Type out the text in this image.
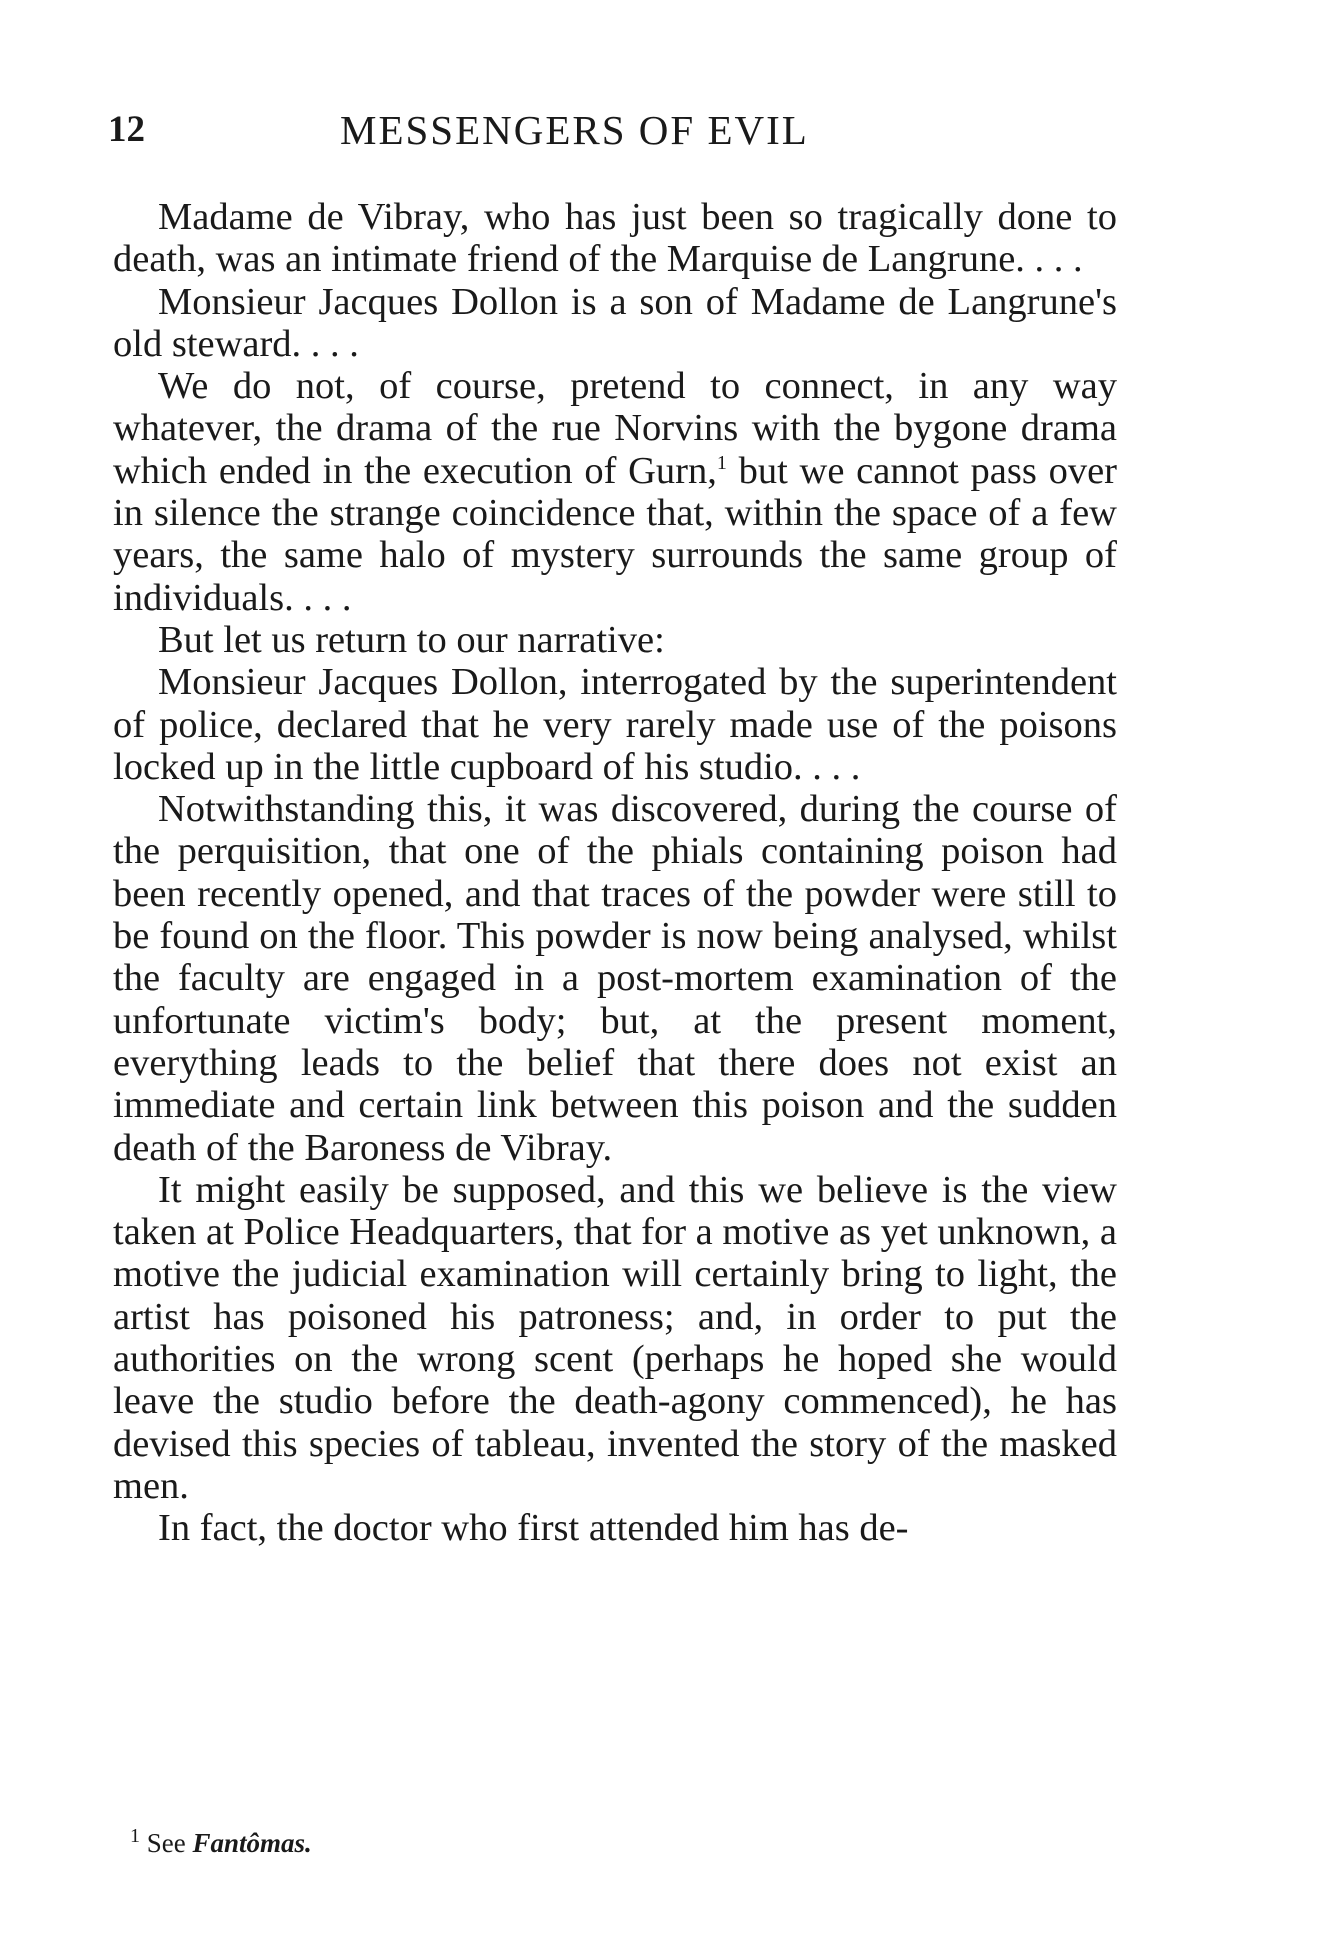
12	MESSENGERS OF EVIL

Madame de Vibray, who has just been so tragically done to death, was an intimate friend of the Marquise de Langrune. . . .

Monsieur Jacques Dollon is a son of Madame de Langrune's old steward. . . .

We do not, of course, pretend to connect, in any way whatever, the drama of the rue Norvins with the bygone drama which ended in the execution of Gurn,$^1$ but we cannot pass over in silence the strange coincidence that, within the space of a few years, the same halo of mystery surrounds the same group of individuals. . . .

But let us return to our narrative:

Monsieur Jacques Dollon, interrogated by the superintendent of police, declared that he very rarely made use of the poisons locked up in the little cupboard of his studio. . . .

Notwithstanding this, it was discovered, during the course of the perquisition, that one of the phials containing poison had been recently opened, and that traces of the powder were still to be found on the floor. This powder is now being analysed, whilst the faculty are engaged in a post-mortem examination of the unfortunate victim's body; but, at the present moment, everything leads to the belief that there does not exist an immediate and certain link between this poison and the sudden death of the Baroness de Vibray.

It might easily be supposed, and this we believe is the view taken at Police Headquarters, that for a motive as yet unknown, a motive the judicial examination will certainly bring to light, the artist has poisoned his patroness; and, in order to put the authorities on the wrong scent (perhaps he hoped she would leave the studio before the death-agony commenced), he has devised this species of tableau, invented the story of the masked men.

In fact, the doctor who first attended him has de-

$^1$ See Fantômas.
